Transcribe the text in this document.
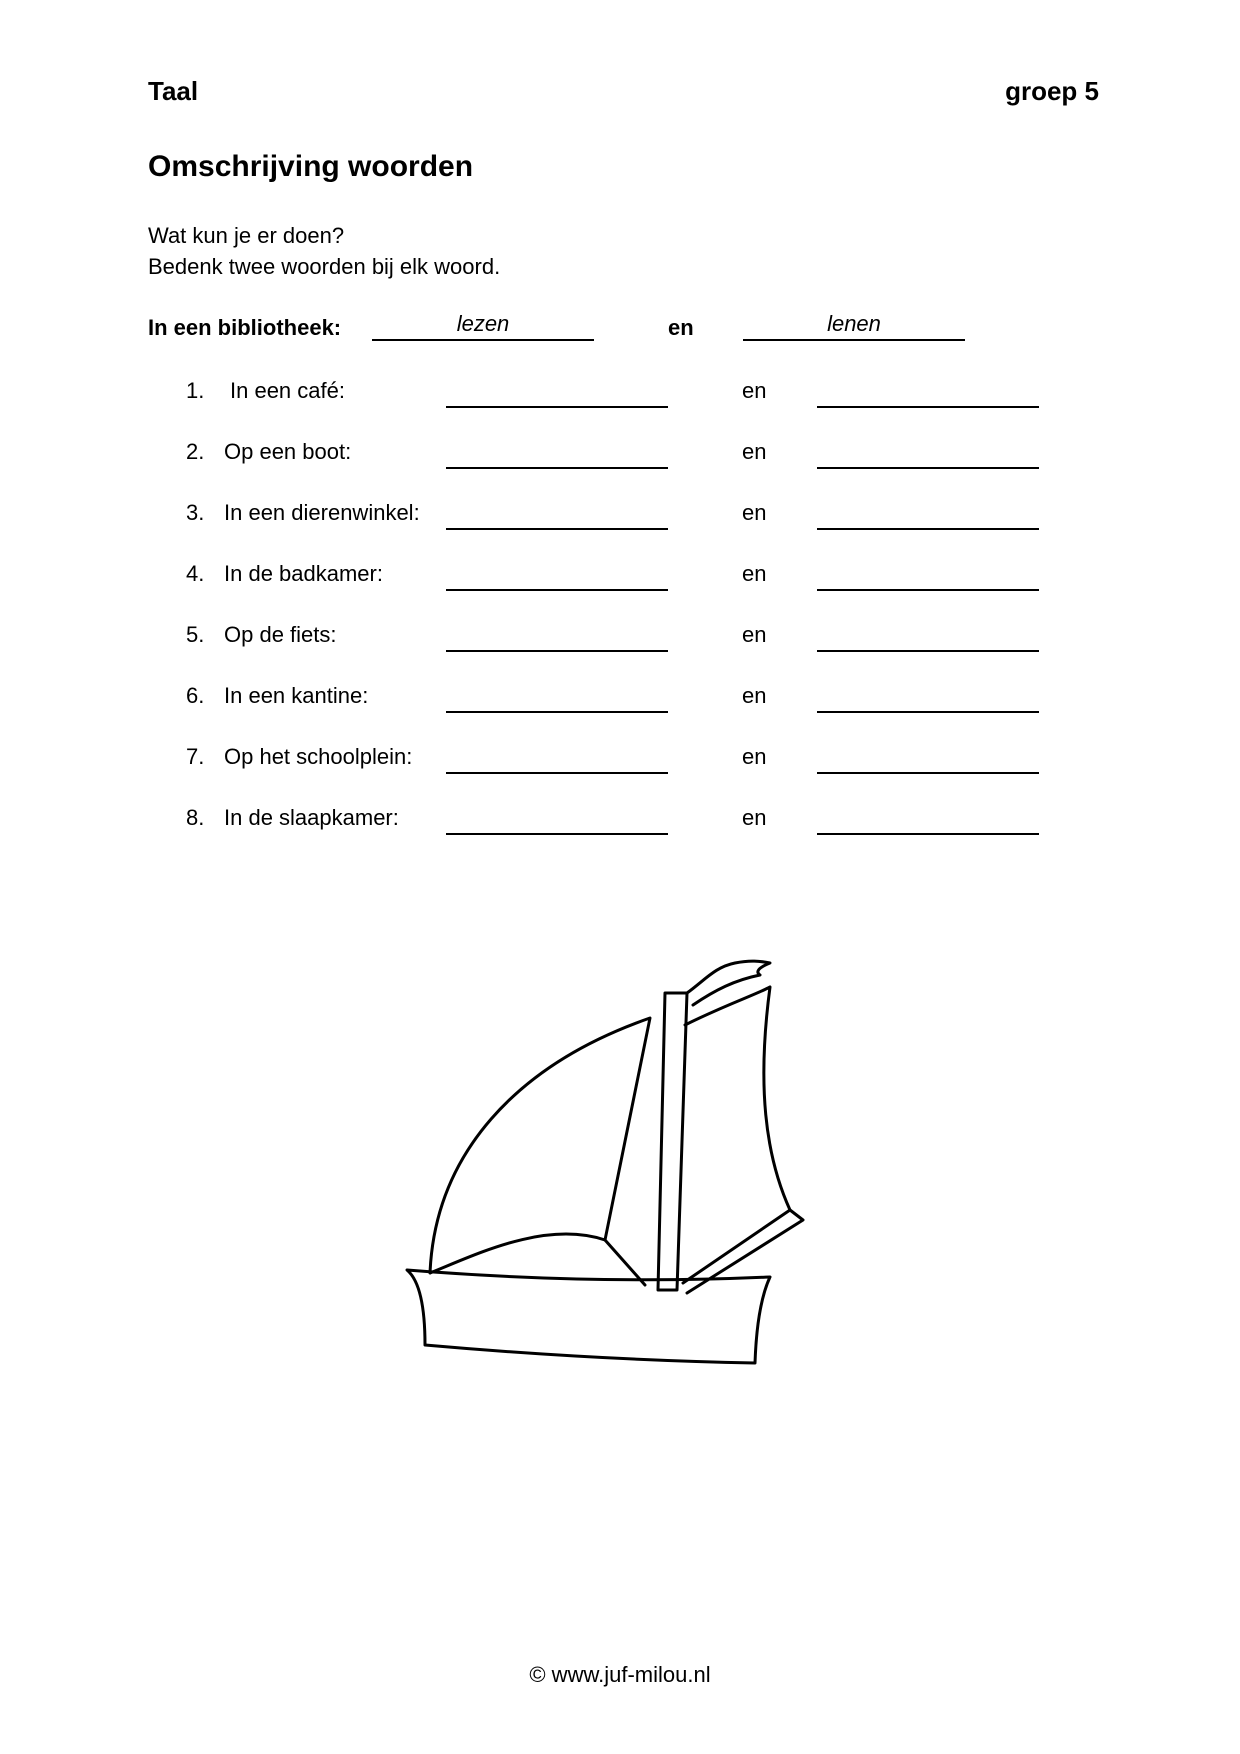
Taal	groep 5
Omschrijving woorden
Wat kun je er doen?
Bedenk twee woorden bij elk woord.
In een bibliotheek:	lezen	en	lenen
1. In een café:	en
2. Op een boot:	en
3. In een dierenwinkel:	en
4. In de badkamer:	en
5. Op de fiets:	en
6. In een kantine:	en
7. Op het schoolplein:	en
8. In de slaapkamer:	en
© www.juf-milou.nl
